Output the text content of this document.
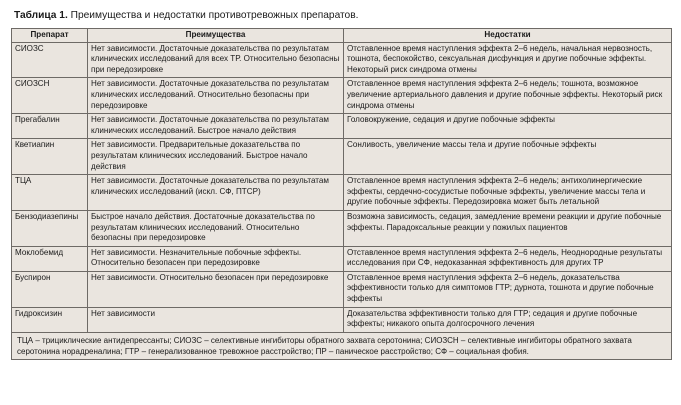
Таблица 1. Преимущества и недостатки противотревожных препаратов.
Препарат	Преимущества	Недостатки
СИОЗС	Нет зависимости. Достаточные доказательства по результатам клинических исследований для всех ТР. Относительно безопасны при передозировке	Отставленное время наступления эффекта 2–6 недель, начальная нервозность, тошнота, беспокойство, сексуальная дисфункция и другие побочные эффекты. Некоторый риск синдрома отмены
СИОЗСН	Нет зависимости. Достаточные доказательства по результатам клинических исследований. Относительно безопасны при передозировке	Отставленное время наступления эффекта 2–6 недель; тошнота, возможное увеличение артериального давления и другие побочные эффекты. Некоторый риск синдрома отмены
Прегабалин	Нет зависимости. Достаточные доказательства по результатам клинических исследований. Быстрое начало действия	Головокружение, седация и другие побочные эффекты
Кветиапин	Нет зависимости. Предварительные доказательства по результатам клинических исследований. Быстрое начало действия	Сонливость, увеличение массы тела и другие побочные эффекты
ТЦА	Нет зависимости. Достаточные доказательства по результатам клинических исследований (искл. СФ, ПТСР)	Отставленное время наступления эффекта 2–6 недель; антихолинергические эффекты, сердечно-сосудистые побочные эффекты, увеличение массы тела и другие побочные эффекты. Передозировка может быть летальной
Бензодиазепины	Быстрое начало действия. Достаточные доказательства по результатам клинических исследований. Относительно безопасны при передозировке	Возможна зависимость, седация, замедление времени реакции и другие побочные эффекты. Парадоксальные реакции у пожилых пациентов
Моклобемид	Нет зависимости. Незначительные побочные эффекты. Относительно безопасен при передозировке	Отставленное время наступления эффекта 2–6 недель, Неоднородные результаты исследования при СФ, недоказанная эффективность для других ТР
Буспирон	Нет зависимости. Относительно безопасен при передозировке	Отставленное время наступления эффекта 2–6 недель, доказательства эффективности только для симптомов ГТР; дурнота, тошнота и другие побочные эффекты
Гидроксизин	Нет зависимости	Доказательства эффективности только для ГТР; седация и другие побочные эффекты; никакого опыта долгосрочного лечения

ТЦА – трициклические антидепрессанты; СИОЗС – селективные ингибиторы обратного захвата серотонина; СИОЗСН – селективные ингибиторы обратного захвата
серотонина норадреналина; ГТР – генерализованное тревожное расстройство; ПР – паническое расстройство; СФ – социальная фобия.		
